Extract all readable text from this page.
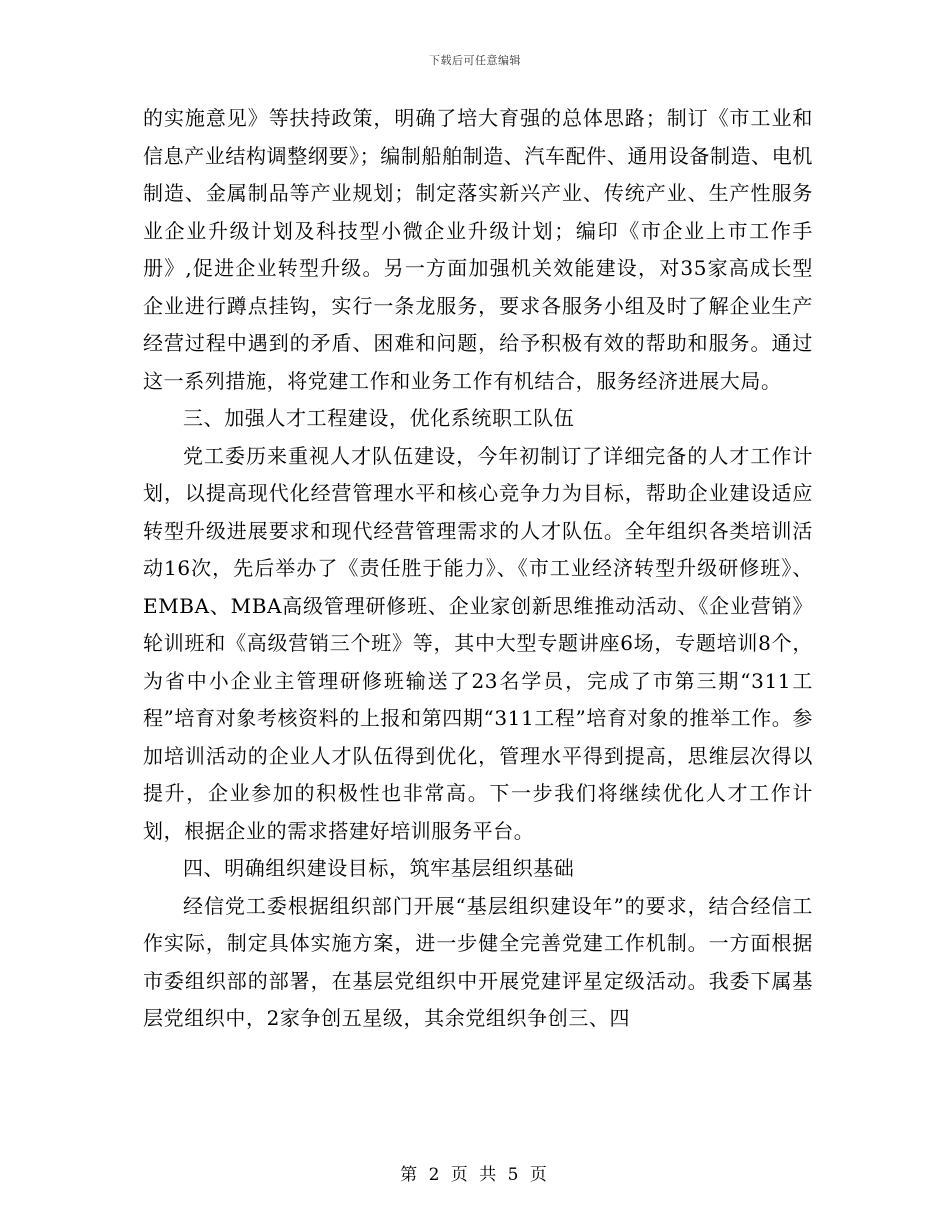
下载后可任意编辑

的实施意见》等扶持政策，明确了培大育强的总体思路；制订《市工业和信息产业结构调整纲要》；编制船舶制造、汽车配件、通用设备制造、电机制造、金属制品等产业规划；制定落实新兴产业、传统产业、生产性服务业企业升级计划及科技型小微企业升级计划；编印《市企业上市工作手册》,促进企业转型升级。另一方面加强机关效能建设，对35家高成长型企业进行蹲点挂钩，实行一条龙服务，要求各服务小组及时了解企业生产经营过程中遇到的矛盾、困难和问题，给予积极有效的帮助和服务。通过这一系列措施，将党建工作和业务工作有机结合，服务经济进展大局。

三、加强人才工程建设，优化系统职工队伍

党工委历来重视人才队伍建设，今年初制订了详细完备的人才工作计划，以提高现代化经营管理水平和核心竞争力为目标，帮助企业建设适应转型升级进展要求和现代经营管理需求的人才队伍。全年组织各类培训活动16次，先后举办了《责任胜于能力》、《市工业经济转型升级研修班》、EMBA、MBA高级管理研修班、企业家创新思维推动活动、《企业营销》轮训班和《高级营销三个班》等，其中大型专题讲座6场，专题培训8个，为省中小企业主管理研修班输送了23名学员，完成了市第三期“311工程”培育对象考核资料的上报和第四期“311工程”培育对象的推举工作。参加培训活动的企业人才队伍得到优化，管理水平得到提高，思维层次得以提升，企业参加的积极性也非常高。下一步我们将继续优化人才工作计划，根据企业的需求搭建好培训服务平台。

四、明确组织建设目标，筑牢基层组织基础

经信党工委根据组织部门开展“基层组织建设年”的要求，结合经信工作实际，制定具体实施方案，进一步健全完善党建工作机制。一方面根据市委组织部的部署，在基层党组织中开展党建评星定级活动。我委下属基层党组织中，2家争创五星级，其余党组织争创三、四

第 2 页 共 5 页
